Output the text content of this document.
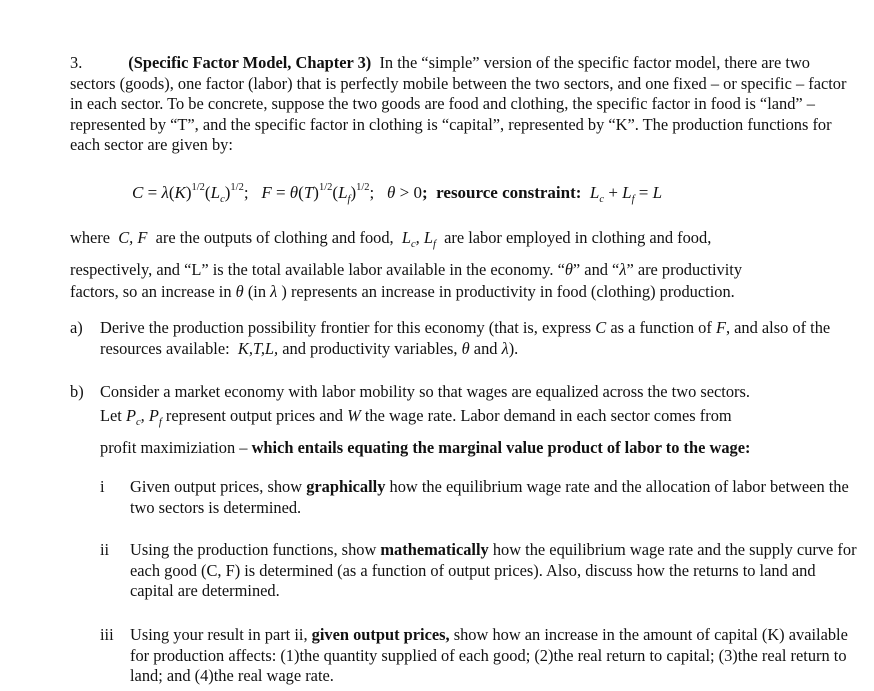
3.	(Specific Factor Model, Chapter 3) In the “simple” version of the specific factor model, there are two sectors (goods), one factor (labor) that is perfectly mobile between the two sectors, and one fixed – or specific – factor in each sector. To be concrete, suppose the two goods are food and clothing, the specific factor in food is “land” – represented by “T”, and the specific factor in clothing is “capital”, represented by “K”. The production functions for each sector are given by:
$C = \lambda(K)^{1/2}(L_c)^{1/2}$;   $F = \theta(T)^{1/2}(L_f)^{1/2}$;   θ > 0; resource constraint: $L_c + L_f = L$
where C, F are the outputs of clothing and food, $L_c$, $L_f$ are labor employed in clothing and food,
respectively, and “L” is the total available labor available in the economy. “θ” and “λ” are productivity
factors, so an increase in θ (in λ ) represents an increase in productivity in food (clothing) production.
a) Derive the production possibility frontier for this economy (that is, express C as a function of F, and also of the resources available: K,T,L, and productivity variables, θ and λ).
b) Consider a market economy with labor mobility so that wages are equalized across the two sectors.
Let $P_c$, $P_f$ represent output prices and W the wage rate. Labor demand in each sector comes from
profit maximiziation – which entails equating the marginal value product of labor to the wage:
i Given output prices, show graphically how the equilibrium wage rate and the allocation of labor between the two sectors is determined.
ii Using the production functions, show mathematically how the equilibrium wage rate and the supply curve for each good (C, F) is determined (as a function of output prices). Also, discuss how the returns to land and capital are determined.
iii Using your result in part ii, given output prices, show how an increase in the amount of capital (K) available for production affects: (1)the quantity supplied of each good; (2)the real return to capital; (3)the real return to land; and (4)the real wage rate.
